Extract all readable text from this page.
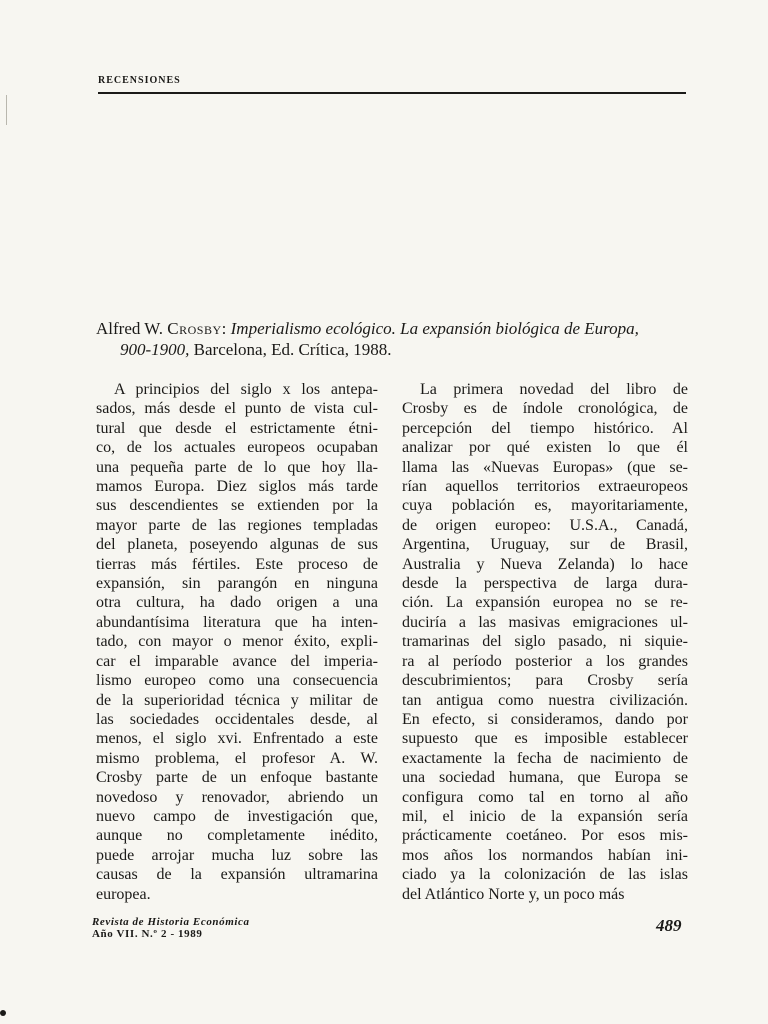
RECENSIONES
Alfred W. Crosby: Imperialismo ecológico. La expansión biológica de Europa,
900-1900, Barcelona, Ed. Crítica, 1988.
A principios del siglo x los antepa-
sados, más desde el punto de vista cul-
tural que desde el estrictamente étni-
co, de los actuales europeos ocupaban
una pequeña parte de lo que hoy lla-
mamos Europa. Diez siglos más tarde
sus descendientes se extienden por la
mayor parte de las regiones templadas
del planeta, poseyendo algunas de sus
tierras más fértiles. Este proceso de
expansión, sin parangón en ninguna
otra cultura, ha dado origen a una
abundantísima literatura que ha inten-
tado, con mayor o menor éxito, expli-
car el imparable avance del imperia-
lismo europeo como una consecuencia
de la superioridad técnica y militar de
las sociedades occidentales desde, al
menos, el siglo xvi. Enfrentado a este
mismo problema, el profesor A. W.
Crosby parte de un enfoque bastante
novedoso y renovador, abriendo un
nuevo campo de investigación que,
aunque no completamente inédito,
puede arrojar mucha luz sobre las
causas de la expansión ultramarina
europea.
La primera novedad del libro de
Crosby es de índole cronológica, de
percepción del tiempo histórico. Al
analizar por qué existen lo que él
llama las «Nuevas Europas» (que se-
rían aquellos territorios extraeuropeos
cuya población es, mayoritariamente,
de origen europeo: U.S.A., Canadá,
Argentina, Uruguay, sur de Brasil,
Australia y Nueva Zelanda) lo hace
desde la perspectiva de larga dura-
ción. La expansión europea no se re-
duciría a las masivas emigraciones ul-
tramarinas del siglo pasado, ni siquie-
ra al período posterior a los grandes
descubrimientos; para Crosby sería
tan antigua como nuestra civilización.
En efecto, si consideramos, dando por
supuesto que es imposible establecer
exactamente la fecha de nacimiento de
una sociedad humana, que Europa se
configura como tal en torno al año
mil, el inicio de la expansión sería
prácticamente coetáneo. Por esos mis-
mos años los normandos habían ini-
ciado ya la colonización de las islas
del Atlántico Norte y, un poco más
Revista de Historia Económica
Año VII. N.º 2 - 1989	489
